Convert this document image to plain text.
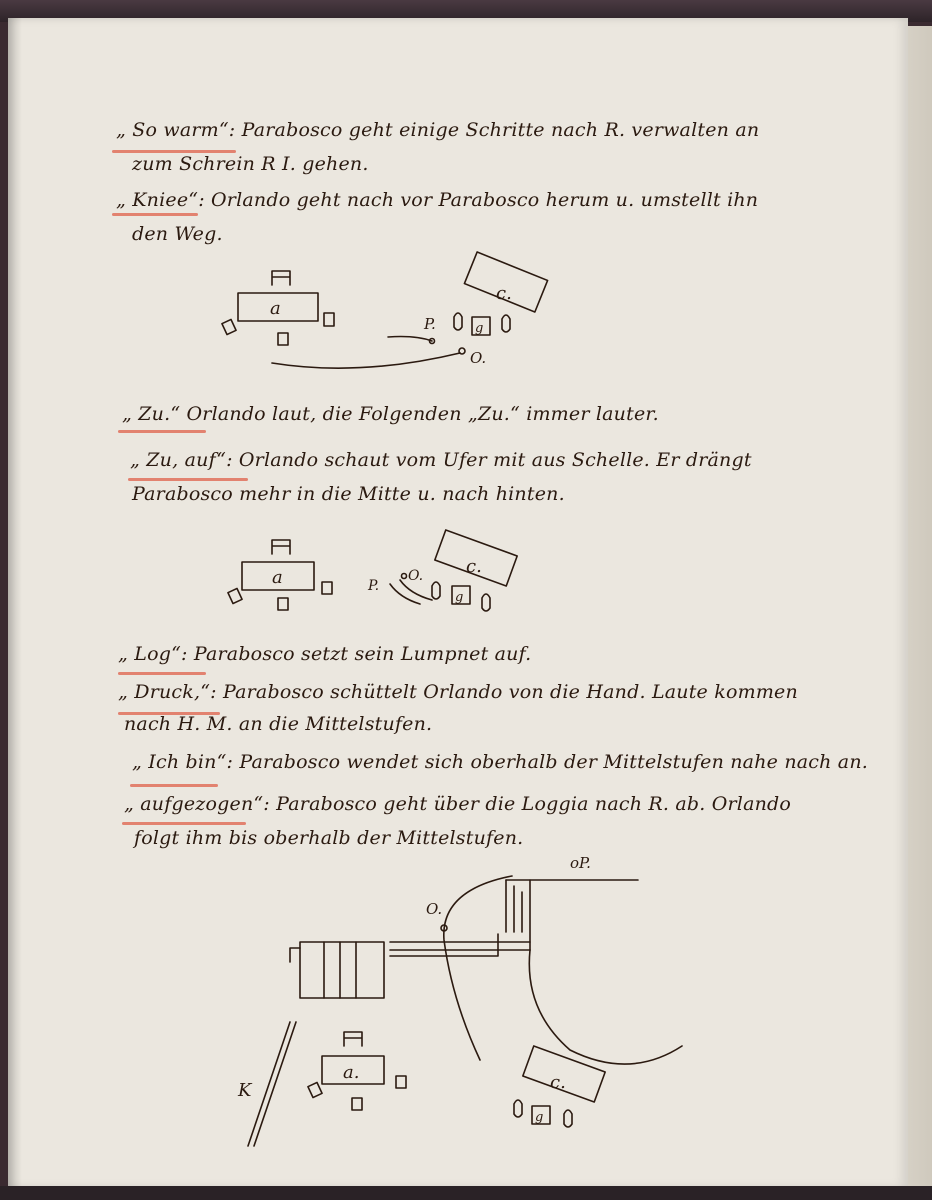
„ So warm“: Parabosco geht einige Schritte nach R. verwalten an

zum Schrein R I. gehen.

„ Kniee“: Orlando geht nach vor Parabosco herum u. umstellt ihn

den Weg.

„ Zu.“ Orlando laut, die Folgenden „Zu.“ immer lauter.

„ Zu, auf“: Orlando schaut vom Ufer mit aus Schelle. Er drängt

Parabosco mehr in die Mitte u. nach hinten.

„ Log“: Parabosco setzt sein Lumpnet auf.

„ Druck,“: Parabosco schüttelt Orlando von die Hand. Laute kommen

nach H. M. an die Mittelstufen.

„ Ich bin“: Parabosco wendet sich oberhalb der Mittelstufen nahe nach an.

„ aufgezogen“: Parabosco geht über die Loggia nach R. ab. Orlando

folgt ihm bis oberhalb der Mittelstufen.

a
c.
g
P.
O.
a
c.
g
P.
O.
oP.
O.
K
a.	c.
g
